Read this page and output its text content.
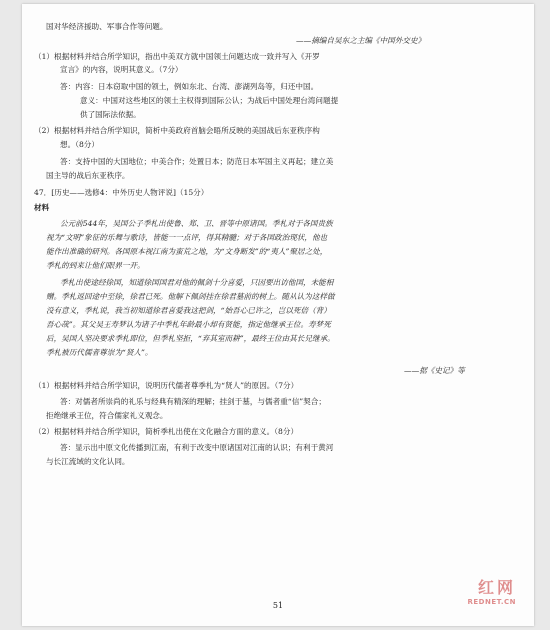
国对华经济援助、军事合作等问题。
——摘编自吴东之主编《中国外交史》
（1）根据材料并结合所学知识，指出中美双方就中国领土问题达成一致并写入《开罗
宣言》的内容，说明其意义。（7分）
答：内容：日本窃取中国的领土，例如东北、台湾、澎湖列岛等，归还中国。
意义：中国对这些地区的领土主权得到国际公认；为战后中国处理台湾问题提
供了国际法依据。
（2）根据材料并结合所学知识，简析中美政府首脑会晤所反映的美国战后东亚秩序构
想。（8分）
答：支持中国的大国地位；中美合作；处置日本；防范日本军国主义再起；建立美
国主导的战后东亚秩序。
47．[历史——选修4：中外历史人物评说]（15分）
材料
公元前544年，吴国公子季札出使鲁、郑、卫、晋等中原诸国。季札对于各国贵族
视为“文明”象征的乐舞与歌诗，皆能一一点评，得其精髓；对于各国政治现状，他也
能作出准确的研判。各国原本视江南为蛮荒之地，为“文身断发”的“夷人”聚居之处，
季札的到来让他们眼界一开。
季札出使途经徐国，知道徐国国君对他的佩剑十分喜爱，只因要出访他国，未能相
赠。季札返回途中至徐，徐君已死。他解下佩剑挂在徐君墓前的树上。随从认为这样做
没有意义，季札说，我当初知道徐君喜爱我这把剑，“始吾心已许之，岂以死倍（背）
吾心哉”。其父吴王寿梦认为诸子中季札年龄最小却有贤能，指定他继承王位。寿梦死
后，吴国人坚决要求季札即位，但季札坚拒，“弃其室而耕”，最终王位由其长兄继承。
季札被历代儒者尊崇为“贤人”。
——据《史记》等
（1）根据材料并结合所学知识，说明历代儒者尊季札为“贤人”的原因。（7分）
答：对儒者所崇尚的礼乐与经典有精深的理解；挂剑于墓，与儒者重“信”契合；
拒绝继承王位，符合儒家礼义观念。
（2）根据材料并结合所学知识，简析季札出使在文化融合方面的意义。（8分）
答：显示出中原文化传播到江南，有利于改变中原诸国对江南的认识；有利于黄河
与长江流域的文化认同。
红网
REDNET.CN
51
